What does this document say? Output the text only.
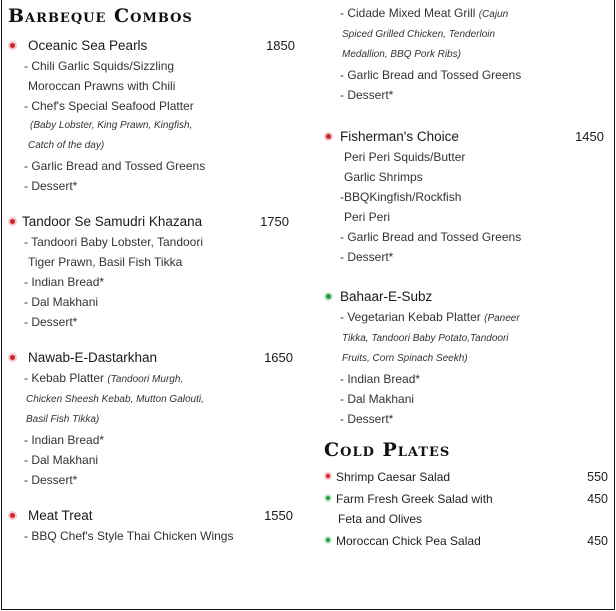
Barbeque Combos
Oceanic Sea Pearls	1850
- Chili Garlic Squids/Sizzling
Moroccan Prawns with Chili
- Chef's Special Seafood Platter
(Baby Lobster, King Prawn, Kingfish,
Catch of the day)
- Garlic Bread and Tossed Greens
- Dessert*
Tandoor Se Samudri Khazana	1750
- Tandoori Baby Lobster, Tandoori
Tiger Prawn, Basil Fish Tikka
- Indian Bread*
- Dal Makhani
- Dessert*
Nawab-E-Dastarkhan	1650
- Kebab Platter (Tandoori Murgh,
Chicken Sheesh Kebab, Mutton Galouti,
Basil Fish Tikka)
- Indian Bread*
- Dal Makhani
- Dessert*
Meat Treat	1550
- BBQ Chef's Style Thai Chicken Wings
- Cidade Mixed Meat Grill (Cajun
Spiced Grilled Chicken, Tenderloin
Medallion, BBQ Pork Ribs)
- Garlic Bread and Tossed Greens
- Dessert*
Fisherman's Choice	1450
Peri Peri Squids/Butter
Garlic Shrimps
-BBQKingfish/Rockfish
Peri Peri
- Garlic Bread and Tossed Greens
- Dessert*
Bahaar-E-Subz
- Vegetarian Kebab Platter (Paneer
Tikka, Tandoori Baby Potato,Tandoori
Fruits, Corn Spinach Seekh)
- Indian Bread*
- Dal Makhani
- Dessert*
Cold Plates
Shrimp Caesar Salad	550
Farm Fresh Greek Salad with	450
Feta and Olives
Moroccan Chick Pea Salad	450
